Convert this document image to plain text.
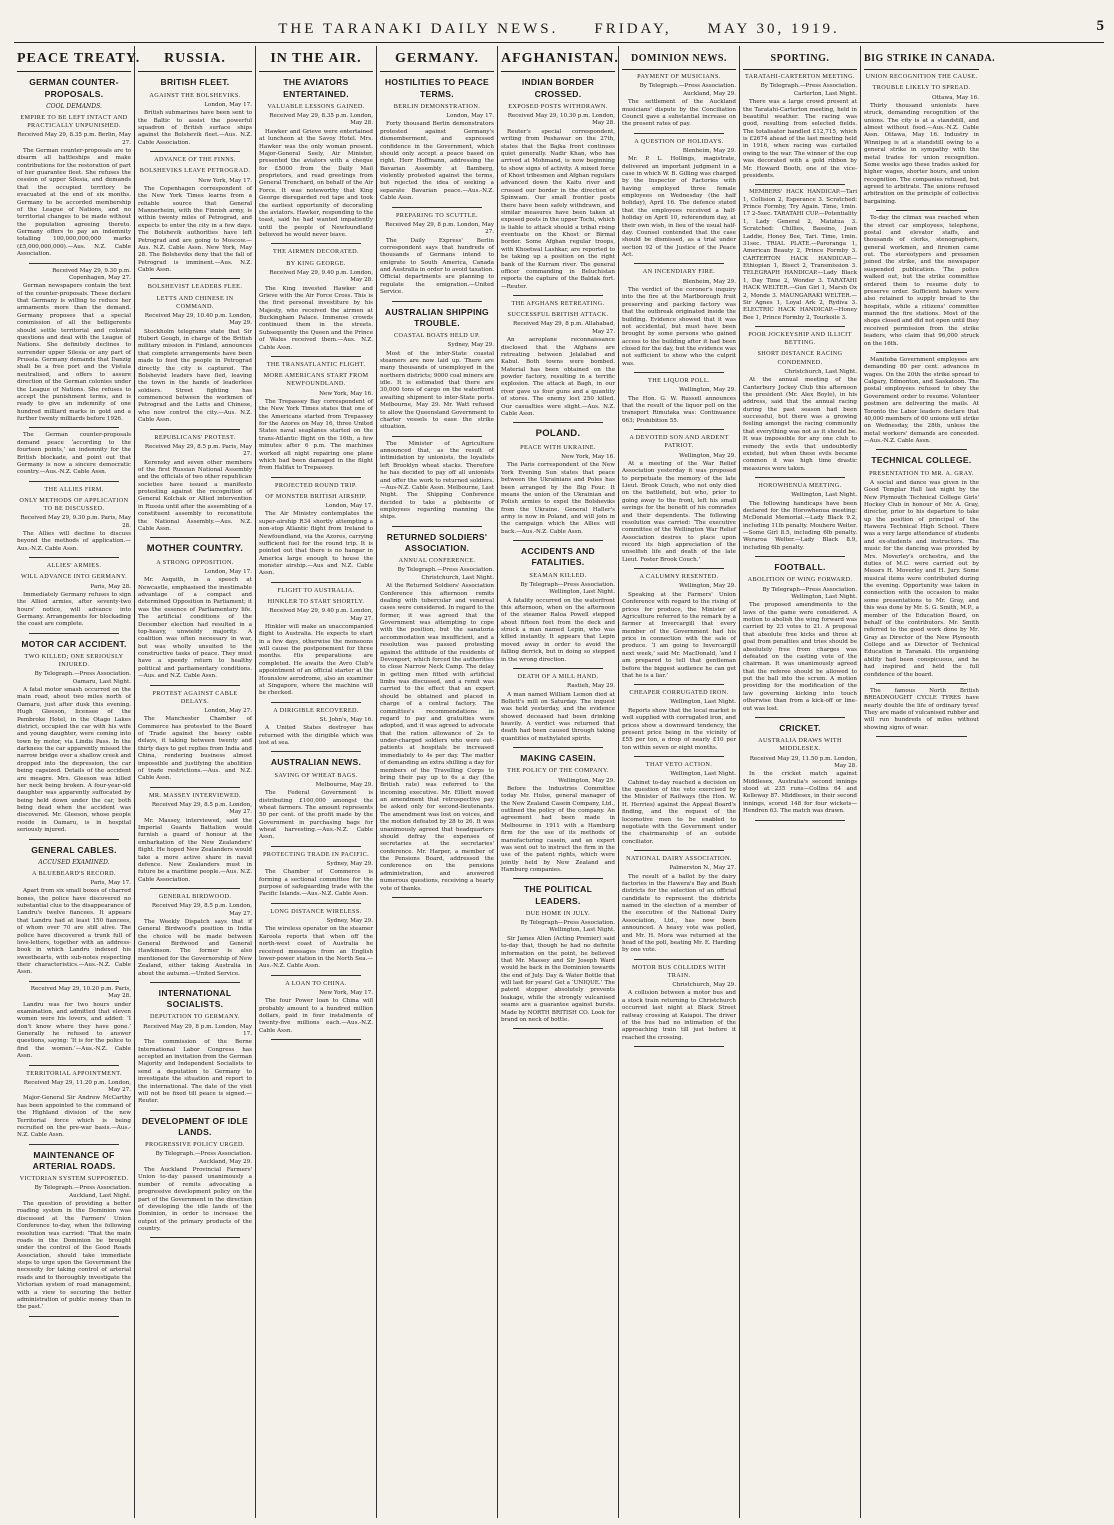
THE TARANAKI DAILY NEWS. FRIDAY, MAY 30, 1919.	5
PEACE TREATY.
GERMAN COUNTER-PROPOSALS.
COOL DEMANDS.
EMPIRE TO BE LEFT INTACT AND PRACTICALLY UNPUNISHED.
Received May 29, 8.35 p.m. Berlin, May 27.

The German counter-proposals are to disarm all battleships and make contributions for the restoration of part of her guarantee fleet. She refuses the cession of upper Silesia, and demands that the occupied territory be evacuated at the end of six months. Germany to be accorded membership of the League of Nations, and no territorial changes to be made without the population agreeing thereto. Germany offers to pay an indemnity totalling 100,000,000,000 marks (£5,000,000,000).—Aus. N.Z. Cable Association.

Received May 29, 9.30 p.m. Copenhagen, May 27.

German newspapers contain the text of the counter-proposals. These declare that Germany is willing to reduce her armaments more than the demand. Germany proposes that a special commission of all the belligerents should settle territorial and colonial questions and deal with the League of Nations. She definitely declines to surrender upper Silesia or any part of Prussia. Germany demands that Danzig shall be a free port and the Vistula neutralised, and offers to assure direction of the German colonies under the League of Nations. She refuses to accept the punishment terms, and is ready to give an indemnity of one hundred milliard marks in gold and a further twenty milliards before 1926.

The German counter-proposals demand peace ‘according to the fourteen points,’ an indemnity for the British blockade, and point out that Germany is now a sincere democratic country.—Aus.-N.Z. Cable Assn.

THE ALLIES FIRM.
ONLY METHODS OF APPLICATION TO BE DISCUSSED.
Received May 29, 9.30 p.m. Paris, May 28.

The Allies will decline to discuss beyond the methods of application.—Aus.-N.Z. Cable Assn.

ALLIES' ARMIES.
WILL ADVANCE INTO GERMANY.
Paris, May 28.

Immediately Germany refuses to sign the Allied armies, after seventy-two hours' notice, will advance into Germany. Arrangements for blockading the coast are complete.

MOTOR CAR ACCIDENT.
TWO KILLED; ONE SERIOUSLY INJURED.
By Telegraph.—Press Association. Oamaru, Last Night.

A fatal motor smash occurred on the main road, about two miles north of Oamaru, just after dusk this evening. Hugh Gleeson, licensee of the Pembroke Hotel, in the Otago Lakes district, occupied the car with his wife and young daughter, were coming into town by motor, via Lindis Pass. In the darkness the car apparently missed the narrow bridge over a shallow creek and dropped into the depression, the car being capsized. Details of the accident are meagre. Mrs. Gleeson was killed her neck being broken. A four-year-old daughter was apparently suffocated by being held down under the car, both being dead when the accident was discovered. Mr. Gleeson, whose people reside in Oamaru, is in hospital seriously injured.

GENERAL CABLES.
ACCUSED EXAMINED.
A BLUEBEARD'S RECORD.
Paris, May 17.

Apart from six small boxes of charred bones, the police have discovered no substantial clue to the disappearance of Landru's twelve fiancees. It appears that Landru had at least 150 fiancees, of whom over 70 are still alive. The police have discovered a trunk full of love-letters, together with an address-book in which Landru indexed his sweethearts, with sub-notes respecting their characteristics.—Aus.-N.Z. Cable Assn.

Received May 29, 10.20 p.m. Paris, May 28.

Landru was for two hours under examination, and admitted that eleven women were his lovers, and added: ‘I don't know where they have gone.’ Generally he refused to answer questions, saying: ‘It is for the police to find the women.’—Aus.-N.Z. Cable Assn.

TERRITORIAL APPOINTMENT.
Received May 29, 11.20 p.m. London, May 27.

Major-General Sir Andrew McCarthy has been appointed to the command of the Highland division of the new Territorial force which is being recruited on the pre-war basis.—Aus.-N.Z. Cable Assn.

MAINTENANCE OF ARTERIAL ROADS.
VICTORIAN SYSTEM SUPPORTED.
By Telegraph.—Press Association. Auckland, Last Night.

The question of providing a better roading system in the Dominion was discussed at the Farmers' Union Conference to-day, when the following resolution was carried: ‘That the main roads in the Dominion be brought under the control of the Good Roads Association, should take immediate steps to urge upon the Government the necessity for taking control of arterial roads and to thoroughly investigate the Victorian system of road management, with a view to securing the better administration of public money than in the past.’

RUSSIA.
BRITISH FLEET.
AGAINST THE BOLSHEVIKS.
London, May 17.

British submarines have been sent to the Baltic to assist the powerful squadron of British surface ships against the Bolshevik fleet.—Aus. N.Z. Cable Association.

ADVANCE OF THE FINNS.
BOLSHEVIKS LEAVE PETROGRAD.
New York, May 17.

The Copenhagen correspondent of the New York Times learns from a reliable source that General Mannerheim, with the Finnish army, is within twenty miles of Petrograd, and expects to enter the city in a few days. The Bolshevik authorities have left Petrograd and are going to Moscow.—Aus. N.Z. Cable Assn. New York, May 28. The Bolsheviks deny that the fall of Petrograd is imminent.—Aus. N.Z. Cable Assn.

BOLSHEVIST LEADERS FLEE.
LETTS AND CHINESE IN COMMAND.
Received May 29, 10.40 p.m. London, May 29.

Stockholm telegrams state that Sir Hubert Gough, in charge of the British military mission in Finland, announces that complete arrangements have been made to feed the people in Petrograd directly the city is captured. The Bolshevist leaders have fled, leaving the town in the hands of leaderless soldiers. Street fighting has commenced between the workmen of Petrograd and the Letts and Chinese, who now control the city.—Aus. N.Z. Cable Assn.

REPUBLICANS' PROTEST.
Received May 29, 8.5 p.m. Paris, May 27.

Kerensky and seven other members of the first Russian National Assembly and the officials of two other republican societies have issued a manifesto protesting against the recognition of General Kolchak or Allied intervention in Russia until after the assembling of a constituent assembly to reconstitute the National Assembly.—Aus. N.Z. Cable Assn.

MOTHER COUNTRY.
A STRONG OPPOSITION.
London, May 17.

Mr. Asquith, in a speech at Newcastle, emphasised the inestimable advantage of a compact and determined Opposition in Parliament; it was the essence of Parliamentary life. The artificial conditions of the December election had resulted in a top-heavy, unwieldy majority. A coalition was often necessary in war, but was wholly unsuited to the constructive tasks of peace. They must have a speedy return to healthy political and parliamentary conditions.—Aus. and N.Z. Cable Assn.

PROTEST AGAINST CABLE DELAYS.
London, May 27.

The Manchester Chamber of Commerce has protested to the Board of Trade against the heavy cable delays, it taking between twenty and thirty days to get replies from India and China, rendering business almost impossible and justifying the abolition of trade restrictions.—Aus. and N.Z. Cable Assn.

MR. MASSEY INTERVIEWED.
Received May 29, 8.5 p.m. London, May 27.

Mr. Massey, interviewed, said the Imperial Guards Battalion would furnish a guard of honour at the embarkation of the New Zealanders' flight. He hoped New Zealanders would take a more active share in naval defence. New Zealanders must in future be a maritime people.—Aus. N.Z. Cable Association.

GENERAL BIRDWOOD.
Received May 29, 8.5 p.m. London, May 27.

The Weekly Dispatch says that if General Birdwood's position in India the choice will be made between General Birdwood and General Hawkinson. The former is also mentioned for the Governorship of New Zealand, either taking Australia in about the autumn.—United Service.

INTERNATIONAL SOCIALISTS.
DEPUTATION TO GERMANY.
Received May 29, 8 p.m. London, May 17.

The commission of the Berne International Labor Congress has accepted an invitation from the German Majority and Independent Socialists to send a deputation to Germany to investigate the situation and report to the international. The date of the visit will not be fixed till peace is signed.—Reuter.

DEVELOPMENT OF IDLE LANDS.
PROGRESSIVE POLICY URGED.
By Telegraph.—Press Association. Auckland, May 29.

The Auckland Provincial Farmers' Union to-day passed unanimously a number of remits advocating a progressive development policy on the part of the Government in the direction of developing the idle lands of the Dominion, in order to increase the output of the primary products of the country.

IN THE AIR.
THE AVIATORS ENTERTAINED.
VALUABLE LESSONS GAINED.
Received May 29, 8.35 p.m. London, May 28.

Hawker and Grieve were entertained at luncheon at the Savoy Hotel. Mrs. Hawker was the only woman present. Major-General Seely, Air Minister, presented the aviators with a cheque for £5000 from the Daily Mail proprietors, and read greetings from General Trenchard, on behalf of the Air Force. It was noteworthy that King George disregarded red tape and took the earliest opportunity of decorating the aviators. Hawker, responding to the toast, said he had wanted impatiently until the people of Newfoundland believed he would never leave.

THE AIRMEN DECORATED.
BY KING GEORGE.
Received May 29, 9.40 p.m. London, May 28.

The King invested Hawker and Grieve with the Air Force Cross. This is the first personal investiture by his Majesty, who received the airmen at Buckingham Palace. Immense crowds continued them in the streets. Subsequently the Queen and the Prince of Wales received them.—Aus. N.Z. Cable Assn.

THE TRANSATLANTIC FLIGHT.
MORE AMERICANS START FROM NEWFOUNDLAND.
New York, May 16.

The Trepassey Bay correspondent of the New York Times states that one of the Americans started from Trepassey for the Azores on May 16, three United States naval seaplanes started on the trans-Atlantic flight on the 16th, a few minutes after 6 p.m. The machines worked all night repairing one plane which had been damaged in the flight from Halifax to Trepassey.

PROJECTED ROUND TRIP.
OF MONSTER BRITISH AIRSHIP.
London, May 17.

The Air Ministry contemplates the super-airship R34 shortly attempting a non-stop Atlantic flight from Ireland to Newfoundland, via the Azores, carrying sufficient fuel for the round trip. It is pointed out that there is no hangar in America large enough to house the monster airship.—Aus and N.Z. Cable Assn.

FLIGHT TO AUSTRALIA.
HINKLER TO START SHORTLY.
Received May 29, 9.40 p.m. London, May 27.

Hinkler will make an unaccompanied flight to Australia. He expects to start in a few days, otherwise the monsoons will cause the postponement for three months. His preparations are completed. He awaits the Avro Club's appointment of an official starter at the Hounslow aerodrome, also an examiner at Singapore, where the machine will be checked.

A DIRIGIBLE RECOVERED.
St. John's, May 16.

A United States destroyer has returned with the dirigible which was lost at sea.

AUSTRALIAN NEWS.
SAVING OF WHEAT BAGS.
Melbourne, May 29.

The Federal Government is distributing £100,000 amongst the wheat farmers. The amount represents 50 per cent. of the profit made by the Government in purchasing bags for wheat harvesting.—Aus.-N.Z. Cable Assn.

PROTECTING TRADE IN PACIFIC.
Sydney, May 29.

The Chamber of Commerce is forming a sectional committee for the purpose of safeguarding trade with the Pacific Islands.—Aus.-N.Z. Cable Assn.

LONG DISTANCE WIRELESS.
Sydney, May 29.

The wireless operator on the steamer Karoola reports that when off the north-west coast of Australia he received messages from an English lower-power station in the North Sea.—Aus.-N.Z. Cable Assn.

A LOAN TO CHINA.
New York, May 17.

The four Power loan to China will probably amount to a hundred million dollars, paid in four instalments of twenty-five millions each.—Aus.-N.Z. Cable Assn.

GERMANY.
HOSTILITIES TO PEACE TERMS.
BERLIN DEMONSTRATION.
London, May 17.

Forty thousand Berlin demonstrators protested against Germany's dismemberment, and expressed confidence in the Government, which should only accept a peace based on right. Herr Hoffmann, addressing the Bavarian Assembly at Bamberg, violently protested against the terms, but rejected the idea of seeking a separate Bavarian peace.—Aus.-N.Z. Cable Assn.

PREPARING TO SCUTTLE.
Received May 29, 8 p.m. London, May 27.

The Daily Express' Berlin correspondent says that hundreds of thousands of Germans intend to emigrate to South America, Canada and Australia in order to avoid taxation. Official departments are planning to regulate the emigration.—United Service.

AUSTRALIAN SHIPPING TROUBLE.
COASTAL BOATS HELD UP.
Sydney, May 29.

Most of the inter-State coastal steamers are now laid up. There are many thousands of unemployed in the northern districts; 9000 coal miners are idle. It is estimated that there are 30,000 tons of cargo on the waterfront awaiting shipment to inter-State ports. Melbourne, May 29. Mr. Watt refused to allow the Queensland Government to charter vessels to ease the strike situation.

The Minister of Agriculture announced that, as the result of intimidation by unionists, the loyalists left Brooklyn wheat stacks. Therefore he has decided to pay off all unionists and offer the work to returned soldiers.—Aus-N.Z. Cable Assn. Melbourne, Last Night. The Shipping Conference decided to take a plebiscite of employees regarding manning the ships.

RETURNED SOLDIERS' ASSOCIATION.
ANNUAL CONFERENCE.
By Telegraph.—Press Association. Christchurch, Last Night.

At the Returned Soldiers' Association Conference this afternoon remits dealing with tubercular and venereal cases were considered. In regard to the former, it was agreed that the Government was attempting to cope with the position, but the sanatoria accommodation was insufficient, and a resolution was passed protesting against the attitude of the residents of Devonport, which forced the authorities to close Narrow Neck Camp. The delay in getting men fitted with artificial limbs was discussed, and a remit was carried to the effect that an expert should be obtained and placed in charge of a central factory. The committee's recommendations in regard to pay and gratuities were adopted, and it was agreed to advocate that the ration allowance of 2s to under-charged soldiers who were out-patients at hospitals be increased immediately to 4s per day. The matter of demanding an extra shilling a day for members of the Travelling Corps to bring their pay up to 6s a day (the British rate) was referred to the incoming executive. Mr. Elliott moved an amendment that retrospective pay be asked only for second-lieutenants. The amendment was lost on voices, and the motion defeated by 28 to 26. It was unanimously agreed that headquarters should defray the expenses of secretaries at the secretaries' conference. Mr. Harper, a member of the Pensions Board, addressed the conference on the pensions administration, and answered numerous questions, receiving a hearty vote of thanks.

AFGHANISTAN.
INDIAN BORDER CROSSED.
EXPOSED POSTS WITHDRAWN.
Received May 29, 10.30 p.m. London, May 28.

Reuter's special correspondent, writing from Peshawar on the 27th, states that the Bajka front continues quiet generally. Nadir Khan, who has arrived at Mohmand, is now beginning to show signs of activity. A mixed force of Khost tribesmen and Afghan regulars advanced down the Kaitu river and crossed our border in the direction of Spinwam. Our small frontier posts there have been safely withdrawn, and similar measures have been taken at exposed posts in the upper Tochi, which is liable to attack should a tribal rising eventuate on the Khost or Birmal border. Some Afghan regular troops, with Khoetwal Lashkar, are reported to be taking up a position on the right bank of the Kurram river. The general officer commanding in Beluchistan reports the capture of the Baldak fort.—Reuter.

THE AFGHANS RETREATING.
SUCCESSFUL BRITISH ATTACK.
Received May 29, 8 p.m. Allahabad, May 27.

An aeroplane reconnaissance disclosed that the Afghans are retreating between Jelalabad and Kabul. Both towns were bombed. Material has been obtained on the powder factory, resulting in a terrific explosion. The attack at Bagh, in our river gave us four guns and a quantity of stores. The enemy lost 250 killed. Our casualties were slight.—Aus. N.Z. Cable Assn.

POLAND.
PEACE WITH UKRAINE.
New York, May 16.

The Paris correspondent of the New York Evening Sun states that peace between the Ukrainians and Poles has been arranged by the Big Four. It means the union of the Ukrainian and Polish armies to expel the Bolsheviks from the Ukraine. General Haller's army is now in Poland, and will join in the campaign which the Allies will back.—Aus.-N.Z. Cable Assn.

ACCIDENTS AND FATALITIES.
SEAMAN KILLED.
By Telegraph—Press Association. Wellington, Last Night.

A fatality occurred on the waterfront this afternoon, when on the afternoon of the steamer Raloa Powell stepped about fifteen feet from the deck and struck a man named Lepin, who was killed instantly. It appears that Lepin moved away in order to avoid the falling derrick, but in doing so stepped in the wrong direction.

DEATH OF A MILL HAND.
Rastieh, May 29.

A man named William Lemon died at Bollett's mill on Saturday. The inquest was held yesterday, and the evidence showed deceased had been drinking heavily. A verdict was returned that death had been caused through taking quantities of methylated spirits.

MAKING CASEIN.
THE POLICY OF THE COMPANY.
Wellington, May 29.

Before the Industries Committee today Mr. Hulse, general manager of the New Zealand Casein Company, Ltd., outlined the policy of the company. An agreement had been made in Melbourne in 1911 with a Hamburg firm for the use of its methods of manufacturing casein, and an expert was sent out to instruct the firm in the use of the patent rights, which were jointly held by New Zealand and Hamburg companies.

THE POLITICAL LEADERS.
DUE HOME IN JULY.
By Telegraph—Press Association. Wellington, Last Night.

Sir James Allen (Acting Premier) said to-day that, though he had no definite information on the point, he believed that Mr. Massey and Sir Joseph Ward would be back in the Dominion towards the end of July. Day & Water Bottle that will last for years! Get a ‘UNIQUE.’ The patent stopper absolutely prevents leakage, while the strongly vulcanised seams are a guarantee against bursts. Made by NORTH BRITISH CO. Look for brand on neck of bottle.

DOMINION NEWS.
PAYMENT OF MUSICIANS.
By Telegraph.—Press Association. Auckland, May 29.

The settlement of the Auckland musicians' dispute by the Conciliation Council gave a substantial increase on the present rates of pay.

A QUESTION OF HOLIDAYS.
Blenheim, May 29.

Mr. P. L. Hollings, magistrate, delivered an important judgment in a case in which W. B. Gilling was charged by the Inspector of Factories with having employed three female employees on Wednesday (the half holiday), April 16. The defence stated that the employees received a half-holiday on April 10, referendum day, at their own wish, in lieu of the usual half-day. Counsel contended that the case should be dismissed, as a trial under section 92 of the Justice of the Peace Act.

AN INCENDIARY FIRE.
Blenheim, May 29.

The verdict of the coroner's inquiry into the fire at the Marlborough fruit preserving and packing factory was that the outbreak originated inside the building. Evidence showed that it was not accidental, but must have been brought by some persons who gained access to the building after it had been closed for the day, but the evidence was not sufficient to show who the culprit was.

THE LIQUOR POLL.
Wellington, May 29.

The Hon. G. W. Russell announces that the result of the liquor poll on the transport Rimutaka was: Continuance 663; Prohibition 55.

A DEVOTED SON AND ARDENT PATRIOT.
Wellington, May 29.

At a meeting of the War Relief Association yesterday it was proposed to perpetuate the memory of the late Lieut. Brook Couch, who not only died on the battlefield, but who, prior to going away to the front, left his small savings for the benefit of his comrades and their dependents. The following resolution was carried: ‘The executive committee of the Wellington War Relief Association desires to place upon record its high appreciation of the unselfish life and death of the late Lieut. Foster Brook Couch.’

A CALUMNY RESENTED.
Wellington, May 29.

Speaking at the Farmers' Union Conference with regard to the rising of prices for produce, the Minister of Agriculture referred to the remark by a farmer at Invercargill that every member of the Government had his price in connection with the sale of produce. ‘I am going to Invercargill next week,’ said Mr. MacDonald, ‘and I am prepared to tell that gentleman before the biggest audience he can get that he is a liar.’

CHEAPER CORRUGATED IRON.
Wellington, Last Night.

Reports show that the local market is well supplied with corrugated iron, and prices show a downward tendency, the present price being in the vicinity of £55 per ton, a drop of nearly £10 per ton within seven or eight months.

THAT VETO ACTION.
Wellington, Last Night.

Cabinet to-day reached a decision on the question of the veto exercised by the Minister of Railways (the Hon. W. H. Herries) against the Appeal Board's finding, and the request of the locomotive men to be enabled to negotiate with the Government under the chairmanship of an outside conciliator.

NATIONAL DAIRY ASSOCIATION.
Palmerston N., May 27.

The result of a ballot by the dairy factories in the Hawera's Bay and Bush districts for the selection of an official candidate to represent the districts named in the election of a member of the executive of the National Dairy Association, Ltd., has now been announced. A heavy vote was polled, and Mr. H. Mora was returned at the head of the poll, beating Mr. E. Harding by one vote.

MOTOR BUS COLLIDES WITH TRAIN.
Christchurch, May 29.

A collision between a motor bus and a stock train returning to Christchurch occurred last night at Black Street railway crossing at Kaiapoi. The driver of the bus had no intimation of the approaching train till just before it reached the crossing.

SPORTING.
TARATAHI-CARTERTON MEETING.
By Telegraph.—Press Association. Carterton, Last Night.

There was a large crowd present at the Taratahi-Carterton meeting, held in beautiful weather. The racing was good, resulting from selected fields. The totalisator handled £12,715, which is £2674 ahead of the last meeting held in 1916, when racing was curtailed owing to the war. The winner of the cup was decorated with a gold ribbon by Mr. Howard Booth, one of the vice-presidents.

MEMBERS' HACK HANDICAP.—Tari 1, Collision 2, Esperance 3. Scratched: Prince Formby, Try Again. Time, 1min. 17 2-5sec. TARATAHI CUP.—Potentiality 1, Lady General 2, Matatua 3. Scratched: Chillies, Bassino, Jean Laddie, Honey Bee, Tari. Time, 1min. 31sec. TRIAL PLATE.—Paroranga 1, American Beauty 2, Prince Formby 3. CARTERTON HACK HANDICAP.—Ethiopian 1, Bisect 2, Transmission 3. TELEGRAPH HANDICAP.—Lady Black 1, Day Time 2, Wonder 3. TARATAHI HACK WELTER.—Gun Girl 1, Marsh Ox 2, Monde 3. MAUNGARAKI WELTER.—Sir Agnes 1, Loyal Ark 2, Rydiva 3. ELECTRIC HACK HANDICAP.—Honey Bee 1, Prince Formby 2, Tourkoile 3.

POOR JOCKEYSHIP AND ILLICIT BETTING.
SHORT DISTANCE RACING CONDEMNED.
Christchurch, Last Night.

At the annual meeting of the Canterbury Jockey Club this afternoon the president (Mr. Alex Boyle), in his address, said that the annual racing during the past season had been successful, but there was a growing feeling amongst the racing community that everything was not as it should be. It was impossible for any one club to remedy the evils that undoubtedly existed, but when these evils became common it was high time drastic measures were taken.

HOROWHENUA MEETING.
Wellington, Last Night.

The following handicaps have been declared for the Horowhenua meeting: McDonald Memorial.—Lady Black 9.2, including 11lb penalty. Mouhere Welter.—Some Girl 8.5, including 6lb penalty. Weraroa Welter.—Lady Black 8.9, including 6lb penalty.

FOOTBALL.
ABOLITION OF WING FORWARD.
By Telegraph—Press Association. Wellington, Last Night.

The proposed amendments to the laws of the game were considered. A motion to abolish the wing forward was carried by 23 votes to 21. A proposal that absolute free kicks and three at goal from penalties and tries should be absolutely free from charges was defeated on the casting vote of the chairman. It was unanimously agreed that the referee should be allowed to put the ball into the scrum. A motion providing for the modification of the law governing kicking into touch otherwise than from a kick-off or line-out was lost.

CRICKET.
AUSTRALIA DRAWS WITH MIDDLESEX.
Received May 29, 11.50 p.m. London, May 28.

In the cricket match against Middlesex, Australia's second innings stood at 235 runs—Collins 64 and Kelleway 87. Middlesex, in their second innings, scored 148 for four wickets—Hendren 63. The match was drawn.

BIG STRIKE IN CANADA.
UNION RECOGNITION THE CAUSE.
TROUBLE LIKELY TO SPREAD.
Ottawa, May 16.

Thirty thousand unionists have struck, demanding recognition of the unions. The city is at a standstill, and almost without food.—Aus.-N.Z. Cable Assn. Ottawa, May 16. Industry in Winnipeg is at a standstill owing to a general strike in sympathy with the metal trades for union recognition. Some weeks ago these trades asked for higher wages, shorter hours, and union recognition. The companies refused, but agreed to arbitrate. The unions refused arbitration on the principle of collective bargaining.

To-day the climax was reached when the street car employees, telephone, postal and elevator staffs, and thousands of clerks, stenographers, general workmen, and firemen came out. The stereotypers and pressmen joined the strike, and the newspaper suspended publication. The police walked out, but the strike committee ordered them to resume duty to preserve order. Sufficient bakers were also retained to supply bread to the hospitals, while a citizens' committee manned the fire stations. Most of the shops closed and did not open until they received permission from the strike leaders, who claim that 96,000 struck on the 16th.

Manitoba Government employees are demanding 80 per cent. advances in wages. On the 20th the strike spread to Calgary, Edmonton, and Saskatoon. The postal employees refused to obey the Government order to resume. Volunteer postmen are delivering the mails. At Toronto the Labor leaders declare that 40,000 members of 60 unions will strike on Wednesday, the 28th, unless the metal workers' demands are conceded.—Aus.-N.Z. Cable Assn.

TECHNICAL COLLEGE.
PRESENTATION TO MR. A. GRAY.

A social and dance was given in the Good Templar Hall last night by the New Plymouth Technical College Girls' Hockey Club in honour of Mr. A. Gray, director, prior to his departure to take up the position of principal of the Hawera Technical High School. There was a very large attendance of students and ex-students and instructors. The music for the dancing was provided by Mrs. Moverley's orchestra, and the duties of M.C. were carried out by Messrs H. Moverley and H. Jury. Some musical items were contributed during the evening. Opportunity was taken in connection with the occasion to make some presentations to Mr. Gray, and this was done by Mr. S. G. Smith, M.P., a member of the Education Board, on behalf of the contributors. Mr. Smith referred to the good work done by Mr. Gray as Director of the New Plymouth College and as Director of Technical Education in Taranaki. His organising ability had been conspicuous, and he had inspired and held the full confidence of the board.

The famous North British BREADNOUGHT CYCLE TYRES have nearly double the life of ordinary tyres! They are made of vulcanised rubber and will run hundreds of miles without showing signs of wear.
